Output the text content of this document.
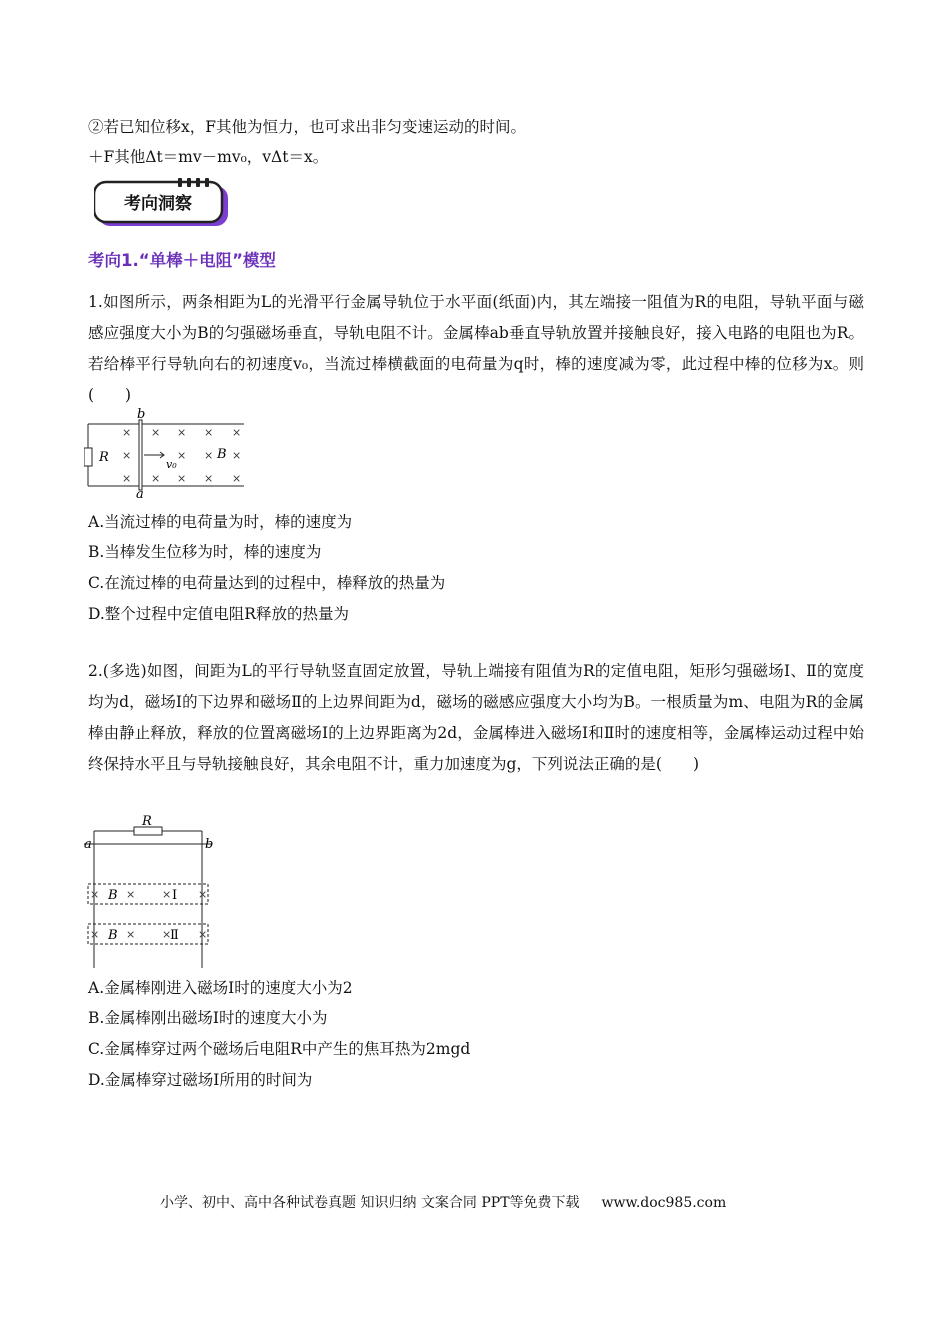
②若已知位移x，F其他为恒力，也可求出非匀变速运动的时间。
＋F其他Δt＝mv－mv₀，vΔt＝x。
考向洞察
考向1.“单棒＋电阻”模型
1.如图所示，两条相距为L的光滑平行金属导轨位于水平面(纸面)内，其左端接一阻值为R的电阻，导轨平面与磁感应强度大小为B的匀强磁场垂直，导轨电阻不计。金属棒ab垂直导轨放置并接触良好，接入电路的电阻也为R。若给棒平行导轨向右的初速度v₀，当流过棒横截面的电荷量为q时，棒的速度减为零，此过程中棒的位移为x。则(　　)
R
b
a
v₀
B
×
×
×
×
×
×
×
×
×
×
×
×
×
×
A.当流过棒的电荷量为时，棒的速度为
B.当棒发生位移为时，棒的速度为
C.在流过棒的电荷量达到的过程中，棒释放的热量为
D.整个过程中定值电阻R释放的热量为
2.(多选)如图，间距为L的平行导轨竖直固定放置，导轨上端接有阻值为R的定值电阻，矩形匀强磁场Ⅰ、Ⅱ的宽度均为d，磁场Ⅰ的下边界和磁场Ⅱ的上边界间距为d，磁场的磁感应强度大小均为B。一根质量为m、电阻为R的金属棒由静止释放，释放的位置离磁场Ⅰ的上边界距离为2d，金属棒进入磁场Ⅰ和Ⅱ时的速度相等，金属棒运动过程中始终保持水平且与导轨接触良好，其余电阻不计，重力加速度为g，下列说法正确的是(　　)
R
a	b
B
B
Ⅰ
Ⅱ
× × × ×
× × × ×
A.金属棒刚进入磁场Ⅰ时的速度大小为2
B.金属棒刚出磁场Ⅰ时的速度大小为
C.金属棒穿过两个磁场后电阻R中产生的焦耳热为2mgd
D.金属棒穿过磁场Ⅰ所用的时间为
小学、初中、高中各种试卷真题 知识归纳 文案合同 PPT等免费下载 www.doc985.com
